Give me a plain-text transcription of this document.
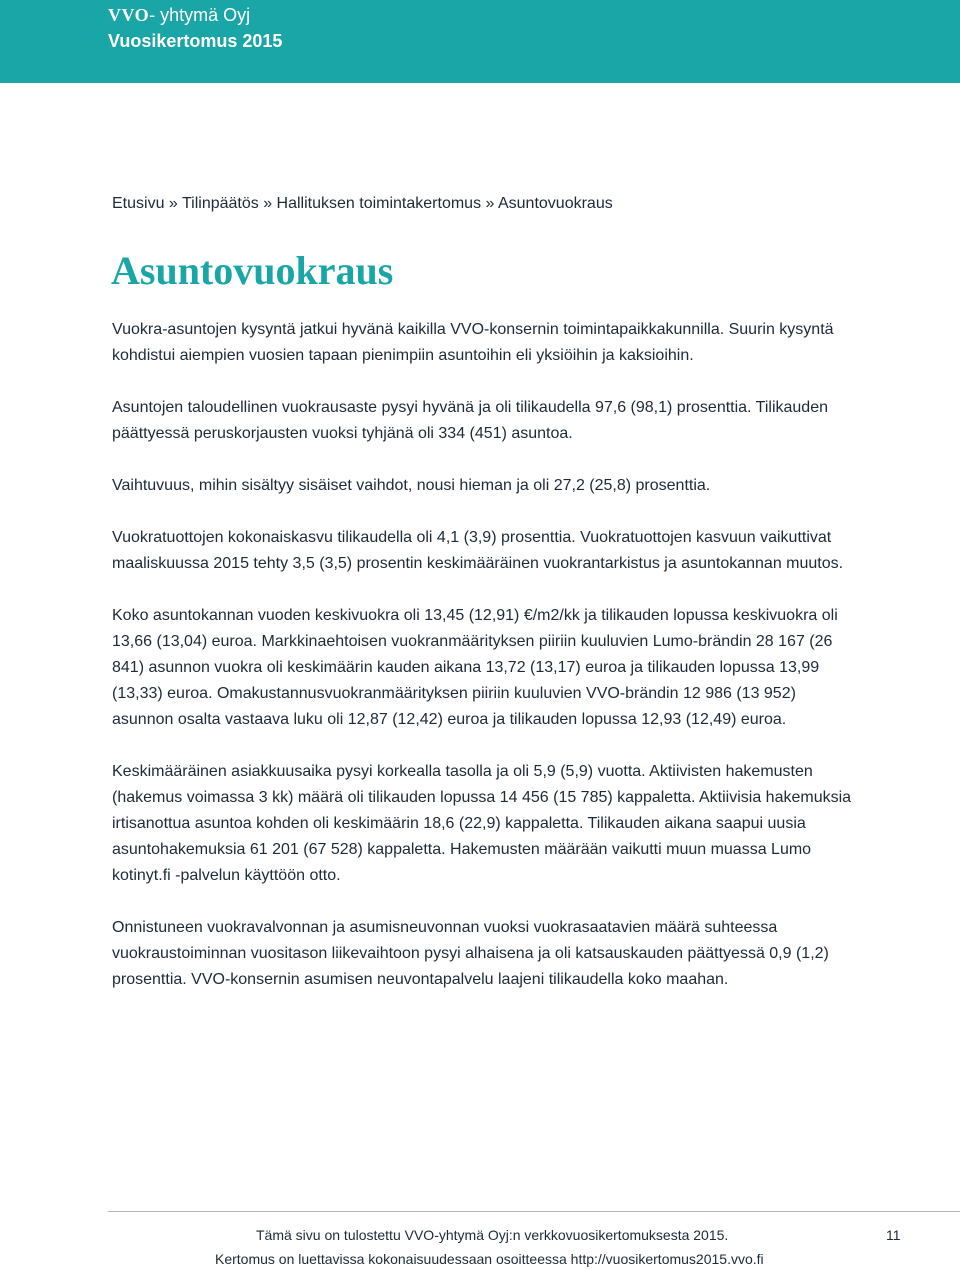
VVO- yhtymä Oyj
Vuosikertomus 2015
Etusivu » Tilinpäätös » Hallituksen toimintakertomus » Asuntovuokraus
Asuntovuokraus

Vuokra-asuntojen kysyntä jatkui hyvänä kaikilla VVO-konsernin toimintapaikkakunnilla. Suurin kysyntä kohdistui aiempien vuosien tapaan pienimpiin asuntoihin eli yksiöihin ja kaksioihin.

Asuntojen taloudellinen vuokrausaste pysyi hyvänä ja oli tilikaudella 97,6 (98,1) prosenttia. Tilikauden päättyessä peruskorjausten vuoksi tyhjänä oli 334 (451) asuntoa.

Vaihtuvuus, mihin sisältyy sisäiset vaihdot, nousi hieman ja oli 27,2 (25,8) prosenttia.

Vuokratuottojen kokonaiskasvu tilikaudella oli 4,1 (3,9) prosenttia. Vuokratuottojen kasvuun vaikuttivat maaliskuussa 2015 tehty 3,5 (3,5) prosentin keskimääräinen vuokrantarkistus ja asuntokannan muutos.

Koko asuntokannan vuoden keskivuokra oli 13,45 (12,91) €/m2/kk ja tilikauden lopussa keskivuokra oli 13,66 (13,04) euroa. Markkinaehtoisen vuokranmäärityksen piiriin kuuluvien Lumo-brändin 28 167 (26 841) asunnon vuokra oli keskimäärin kauden aikana 13,72 (13,17) euroa ja tilikauden lopussa 13,99 (13,33) euroa. Omakustannusvuokranmäärityksen piiriin kuuluvien VVO-brändin 12 986 (13 952) asunnon osalta vastaava luku oli 12,87 (12,42) euroa ja tilikauden lopussa 12,93 (12,49) euroa.

Keskimääräinen asiakkuusaika pysyi korkealla tasolla ja oli 5,9 (5,9) vuotta. Aktiivisten hakemusten (hakemus voimassa 3 kk) määrä oli tilikauden lopussa 14 456 (15 785) kappaletta. Aktiivisia hakemuksia irtisanottua asuntoa kohden oli keskimäärin 18,6 (22,9) kappaletta. Tilikauden aikana saapui uusia asuntohakemuksia 61 201 (67 528) kappaletta. Hakemusten määrään vaikutti muun muassa Lumo kotinyt.fi -palvelun käyttöön otto.

Onnistuneen vuokravalvonnan ja asumisneuvonnan vuoksi vuokrasaatavien määrä suhteessa vuokraustoiminnan vuositason liikevaihtoon pysyi alhaisena ja oli katsauskauden päättyessä 0,9 (1,2) prosenttia. VVO-konsernin asumisen neuvontapalvelu laajeni tilikaudella koko maahan.

Tämä sivu on tulostettu VVO-yhtymä Oyj:n verkkovuosikertomuksesta 2015.
Kertomus on luettavissa kokonaisuudessaan osoitteessa http://vuosikertomus2015.vvo.fi
11
